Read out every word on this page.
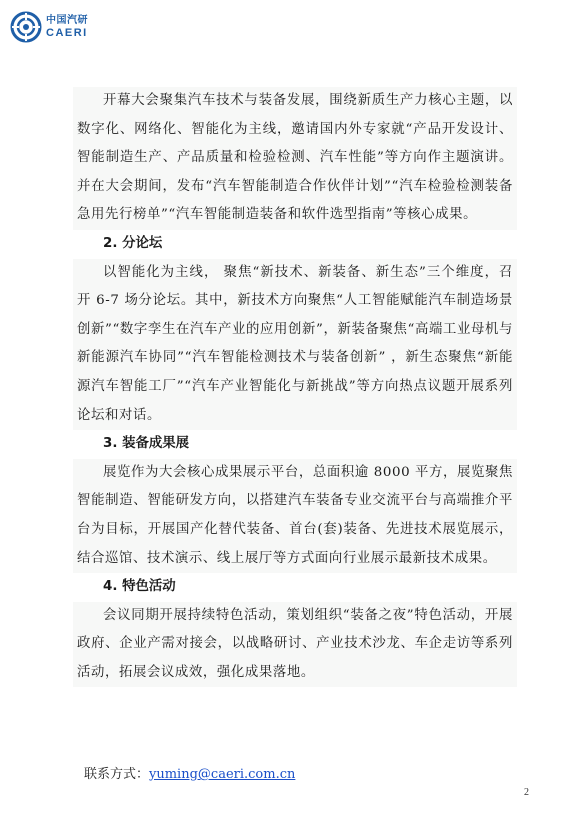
中国汽研
CAERI

开幕大会聚集汽车技术与装备发展，围绕新质生产力核心主题，以数字化、网络化、智能化为主线，邀请国内外专家就“产品开发设计、智能制造生产、产品质量和检验检测、汽车性能”等方向作主题演讲。并在大会期间，发布“汽车智能制造合作伙伴计划”“汽车检验检测装备急用先行榜单”“汽车智能制造装备和软件选型指南”等核心成果。

2. 分论坛

以智能化为主线， 聚焦“新技术、新装备、新生态”三个维度，召开 6-7 场分论坛。其中，新技术方向聚焦“人工智能赋能汽车制造场景创新”“数字孪生在汽车产业的应用创新”，新装备聚焦“高端工业母机与新能源汽车协同”“汽车智能检测技术与装备创新” ，新生态聚焦“新能源汽车智能工厂”“汽车产业智能化与新挑战”等方向热点议题开展系列论坛和对话。

3. 装备成果展

展览作为大会核心成果展示平台，总面积逾 8000 平方，展览聚焦智能制造、智能研发方向，以搭建汽车装备专业交流平台与高端推介平台为目标，开展国产化替代装备、首台(套)装备、先进技术展览展示，结合巡馆、技术演示、线上展厅等方式面向行业展示最新技术成果。

4. 特色活动

会议同期开展持续特色活动，策划组织“装备之夜”特色活动，开展政府、企业产需对接会，以战略研讨、产业技术沙龙、车企走访等系列活动，拓展会议成效，强化成果落地。

联系方式：yuming@caeri.com.cn
2
